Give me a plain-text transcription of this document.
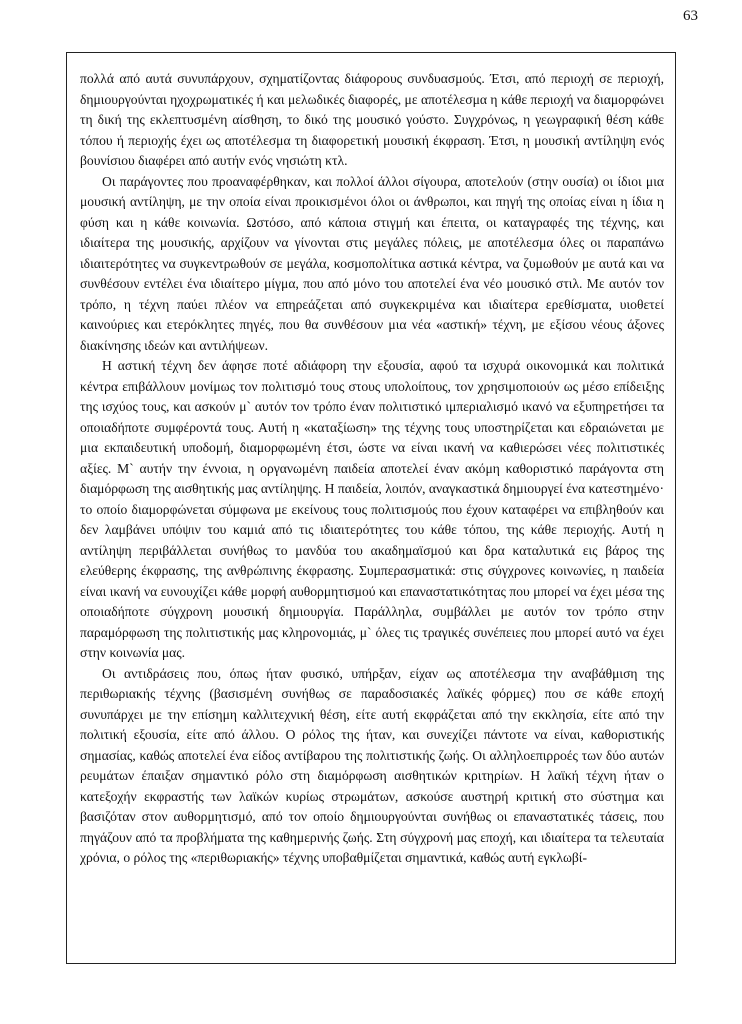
63

πολλά από αυτά συνυπάρχουν, σχηματίζοντας διάφορους συνδυασμούς. Έτσι, από περιοχή σε περιοχή, δημιουργούνται ηχοχρωματικές ή και μελωδικές διαφορές, με αποτέλεσμα η κάθε περιοχή να διαμορφώνει τη δική της εκλεπτυσμένη αίσθηση, το δικό της μουσικό γούστο. Συγχρόνως, η γεωγραφική θέση κάθε τόπου ή περιοχής έχει ως αποτέλεσμα τη διαφορετική μουσική έκφραση. Έτσι, η μουσική αντίληψη ενός βουνίσιου διαφέρει από αυτήν ενός νησιώτη κτλ.

Οι παράγοντες που προαναφέρθηκαν, και πολλοί άλλοι σίγουρα, αποτελούν (στην ουσία) οι ίδιοι μια μουσική αντίληψη, με την οποία είναι προικισμένοι όλοι οι άνθρωποι, και πηγή της οποίας είναι η ίδια η φύση και η κάθε κοινωνία. Ωστόσο, από κάποια στιγμή και έπειτα, οι καταγραφές της τέχνης, και ιδιαίτερα της μουσικής, αρχίζουν να γίνονται στις μεγάλες πόλεις, με αποτέλεσμα όλες οι παραπάνω ιδιαιτερότητες να συγκεντρωθούν σε μεγάλα, κοσμοπολίτικα αστικά κέντρα, να ζυμωθούν με αυτά και να συνθέσουν εντέλει ένα ιδιαίτερο μίγμα, που από μόνο του αποτελεί ένα νέο μουσικό στιλ. Με αυτόν τον τρόπο, η τέχνη παύει πλέον να επηρεάζεται από συγκεκριμένα και ιδιαίτερα ερεθίσματα, υιοθετεί καινούριες και ετερόκλητες πηγές, που θα συνθέσουν μια νέα «αστική» τέχνη, με εξίσου νέους άξονες διακίνησης ιδεών και αντιλήψεων.

Η αστική τέχνη δεν άφησε ποτέ αδιάφορη την εξουσία, αφού τα ισχυρά οικονομικά και πολιτικά κέντρα επιβάλλουν μονίμως τον πολιτισμό τους στους υπολοίπους, τον χρησιμοποιούν ως μέσο επίδειξης της ισχύος τους, και ασκούν μ` αυτόν τον τρόπο έναν πολιτιστικό ιμπεριαλισμό ικανό να εξυπηρετήσει τα οποιαδήποτε συμφέροντά τους. Αυτή η «καταξίωση» της τέχνης τους υποστηρίζεται και εδραιώνεται με μια εκπαιδευτική υποδομή, διαμορφωμένη έτσι, ώστε να είναι ικανή να καθιερώσει νέες πολιτιστικές αξίες. Μ` αυτήν την έννοια, η οργανωμένη παιδεία αποτελεί έναν ακόμη καθοριστικό παράγοντα στη διαμόρφωση της αισθητικής μας αντίληψης. Η παιδεία, λοιπόν, αναγκαστικά δημιουργεί ένα κατεστημένο· το οποίο διαμορφώνεται σύμφωνα με εκείνους τους πολιτισμούς που έχουν καταφέρει να επιβληθούν και δεν λαμβάνει υπόψιν του καμιά από τις ιδιαιτερότητες του κάθε τόπου, της κάθε περιοχής. Αυτή η αντίληψη περιβάλλεται συνήθως το μανδύα του ακαδημαϊσμού και δρα καταλυτικά εις βάρος της ελεύθερης έκφρασης, της ανθρώπινης έκφρασης. Συμπερασματικά: στις σύγχρονες κοινωνίες, η παιδεία είναι ικανή να ευνουχίζει κάθε μορφή αυθορμητισμού και επαναστατικότητας που μπορεί να έχει μέσα της οποιαδήποτε σύγχρονη μουσική δημιουργία. Παράλληλα, συμβάλλει με αυτόν τον τρόπο στην παραμόρφωση της πολιτιστικής μας κληρονομιάς, μ` όλες τις τραγικές συνέπειες που μπορεί αυτό να έχει στην κοινωνία μας.

Οι αντιδράσεις που, όπως ήταν φυσικό, υπήρξαν, είχαν ως αποτέλεσμα την αναβάθμιση της περιθωριακής τέχνης (βασισμένη συνήθως σε παραδοσιακές λαϊκές φόρμες) που σε κάθε εποχή συνυπάρχει με την επίσημη καλλιτεχνική θέση, είτε αυτή εκφράζεται από την εκκλησία, είτε από την πολιτική εξουσία, είτε από άλλου. Ο ρόλος της ήταν, και συνεχίζει πάντοτε να είναι, καθοριστικής σημασίας, καθώς αποτελεί ένα είδος αντίβαρου της πολιτιστικής ζωής. Οι αλληλοεπιρροές των δύο αυτών ρευμάτων έπαιξαν σημαντικό ρόλο στη διαμόρφωση αισθητικών κριτηρίων. Η λαϊκή τέχνη ήταν ο κατεξοχήν εκφραστής των λαϊκών κυρίως στρωμάτων, ασκούσε αυστηρή κριτική στο σύστημα και βασιζόταν στον αυθορμητισμό, από τον οποίο δημιουργούνται συνήθως οι επαναστατικές τάσεις, που πηγάζουν από τα προβλήματα της καθημερινής ζωής. Στη σύγχρονή μας εποχή, και ιδιαίτερα τα τελευταία χρόνια, ο ρόλος της «περιθωριακής» τέχνης υποβαθμίζεται σημαντικά, καθώς αυτή εγκλωβί-
